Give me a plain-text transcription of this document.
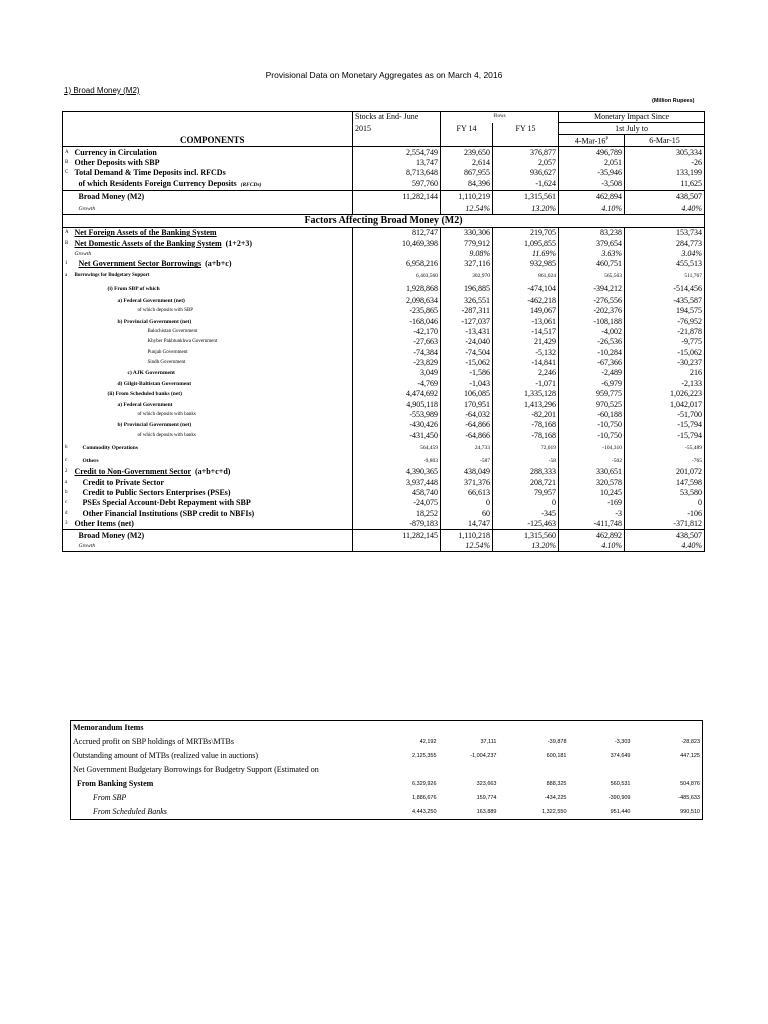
Provisional Data on Monetary Aggregates as on March 4, 2016
1) Broad Money (M2)
(Million Rupees)
		Stocks at End- June	Flows		Monetary Impact Since	
		2015	FY 14	FY 15	1st July to	
	COMPONENTS				$4-Mar-16^P$	6-Mar-15
A	Currency in Circulation	2,554,749	239,650	376,877	496,789	305,334
B	Other Deposits with SBP	13,747	2,614	2,057	2,051	-26
C	Total Demand & Time Deposits incl. RFCDs	8,713,648	867,955	936,627	-35,946	133,199
	of which Residents Foreign Currency Deposits (RFCDs)	597,760	84,396	-1,624	-3,508	11,625
	Broad Money (M2)	11,282,144	1,110,219	1,315,561	462,894	438,507
	Growth		12.54%	13.20%	4.10%	4.40%
Factors Affecting Broad Money (M2)						
A	Net Foreign Assets of the Banking System	812,747	330,306	219,705	83,238	153,734
B	Net Domestic Assets of the Banking System (1+2+3)	10,469,398	779,912	1,095,855	379,654	284,773
	Growth		9.08%	11.69%	3.63%	3.04%
1	Net Government Sector Borrowings (a+b+c)	6,958,216	327,116	932,985	460,751	455,513
a	Borrowings for Budgetary Support	6,403,560	302,970	861,024	565,563	511,767
	(i) From SBP of which	1,928,868	196,885	-474,104	-394,212	-514,456
	a) Federal Government (net)	2,098,634	326,551	-462,218	-276,556	-435,587
	of which deposits with SBP	-235,865	-287,311	149,067	-202,376	194,575
	b) Provincial Government (net)	-168,046	-127,037	-13,061	-108,188	-76,952
	Balochistan Government	-42,170	-13,431	-14,517	-4,002	-21,878
	Khyber Pakhtunkhwa Government	-27,663	-24,040	21,429	-26,536	-9,775
	Punjab Government	-74,384	-74,504	-5,132	-10,284	-15,062
	Sindh Government	-23,829	-15,062	-14,841	-67,366	-30,237
	c) AJK Government	3,049	-1,586	2,246	-2,489	216
	d) Gilgit-Baltistan Government	-4,769	-1,043	-1,071	-6,979	-2,133
	(ii) From Scheduled banks (net)	4,474,692	106,085	1,335,128	959,775	1,026,223
	a) Federal Government	4,905,118	170,951	1,413,296	970,525	1,042,017
	of which deposits with banks	-553,989	-64,032	-82,201	-60,188	-51,700
	b) Provincial Government (net)	-430,426	-64,866	-78,168	-10,750	-15,794
	of which deposits with banks	-431,450	-64,866	-78,168	-10,750	-15,794
b	Commodity Operations	564,459	24,733	72,019	-104,310	-55,489
c	Others	-9,803	-587	-58	-502	-765
2	Credit to Non-Government Sector (a+b+c+d)	4,390,365	438,049	288,333	330,651	201,072
a	Credit to Private Sector	3,937,448	371,376	208,721	320,578	147,598
b	Credit to Public Sectors Enterprises (PSEs)	458,740	66,613	79,957	10,245	53,580
c	PSEs Special Account-Debt Repayment with SBP	-24,075	0	0	-169	0
d	Other Financial Institutions (SBP credit to NBFIs)	18,252	60	-345	-3	-106
3	Other Items (net)	-879,183	14,747	-125,463	-411,748	-371,812
	Broad Money (M2)	11,282,145	1,110,218	1,315,560	462,892	438,507
	Growth		12.54%	13.20%	4.10%	4.40%
Memorandum Items					
Accrued profit on SBP holdings of MRTBs\MTBs	42,192	37,111	-39,878	-3,303	-28,823
Outstanding amount of MTBs (realized value in auctions)	2,125,355	-1,004,237	600,181	374,649	447,125
Net Government Budgetary Borrowings for Budgetry Support (Estimated on					
From Banking System	6,329,926	323,663	888,325	560,531	504,876
From SBP	1,886,676	159,774	-434,225	-390,909	-485,633
From Scheduled Banks	4,443,250	163,889	1,322,550	951,440	990,510
